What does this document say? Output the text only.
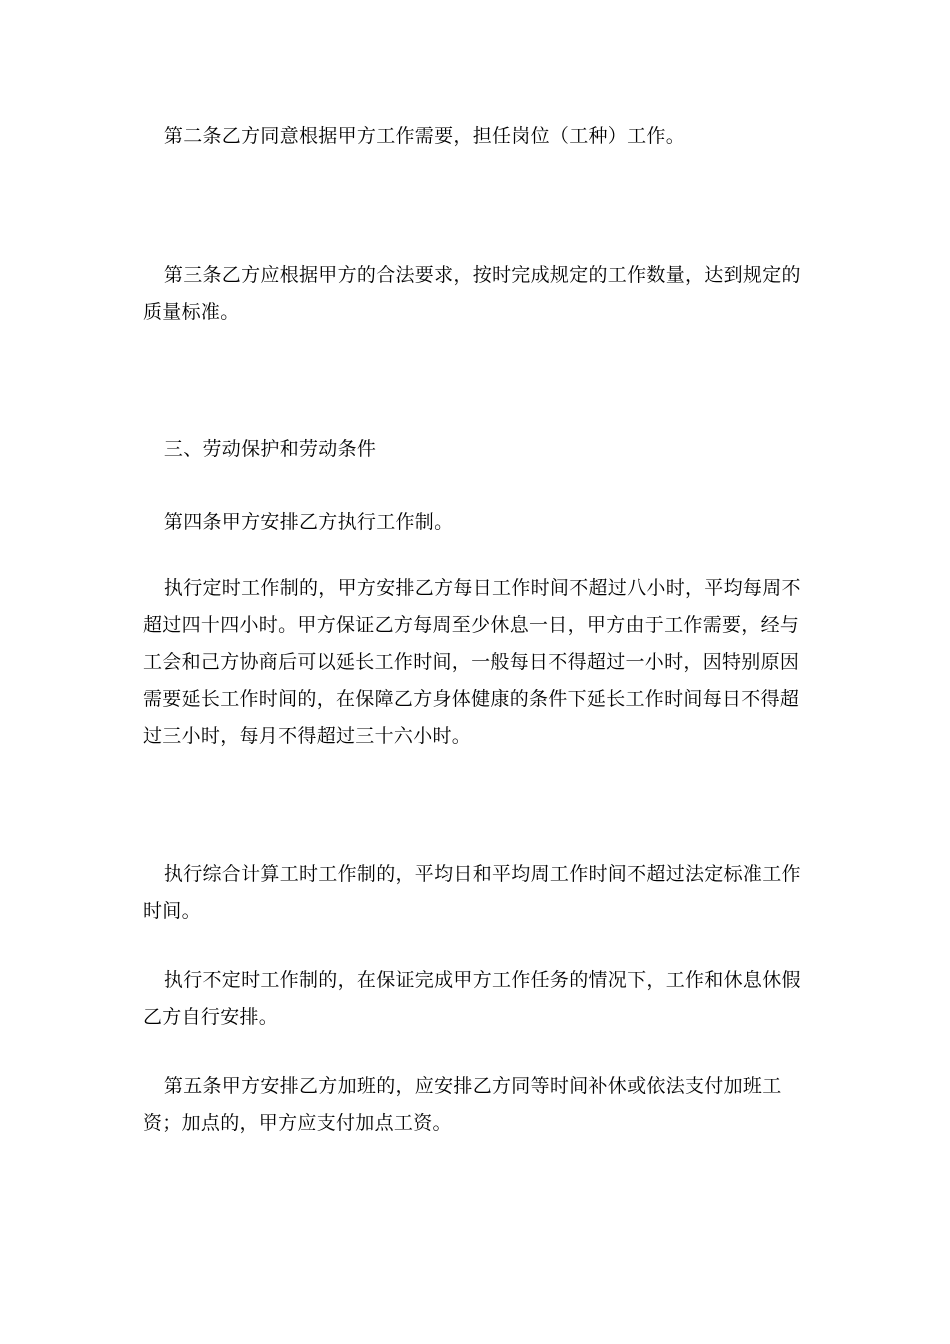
第二条乙方同意根据甲方工作需要，担任岗位（工种）工作。

第三条乙方应根据甲方的合法要求，按时完成规定的工作数量，达到规定的质量标准。

三、劳动保护和劳动条件

第四条甲方安排乙方执行工作制。

执行定时工作制的，甲方安排乙方每日工作时间不超过八小时，平均每周不超过四十四小时。甲方保证乙方每周至少休息一日，甲方由于工作需要，经与工会和己方协商后可以延长工作时间，一般每日不得超过一小时，因特别原因需要延长工作时间的，在保障乙方身体健康的条件下延长工作时间每日不得超过三小时，每月不得超过三十六小时。

执行综合计算工时工作制的，平均日和平均周工作时间不超过法定标准工作时间。

执行不定时工作制的，在保证完成甲方工作任务的情况下，工作和休息休假乙方自行安排。

第五条甲方安排乙方加班的，应安排乙方同等时间补休或依法支付加班工资；加点的，甲方应支付加点工资。
